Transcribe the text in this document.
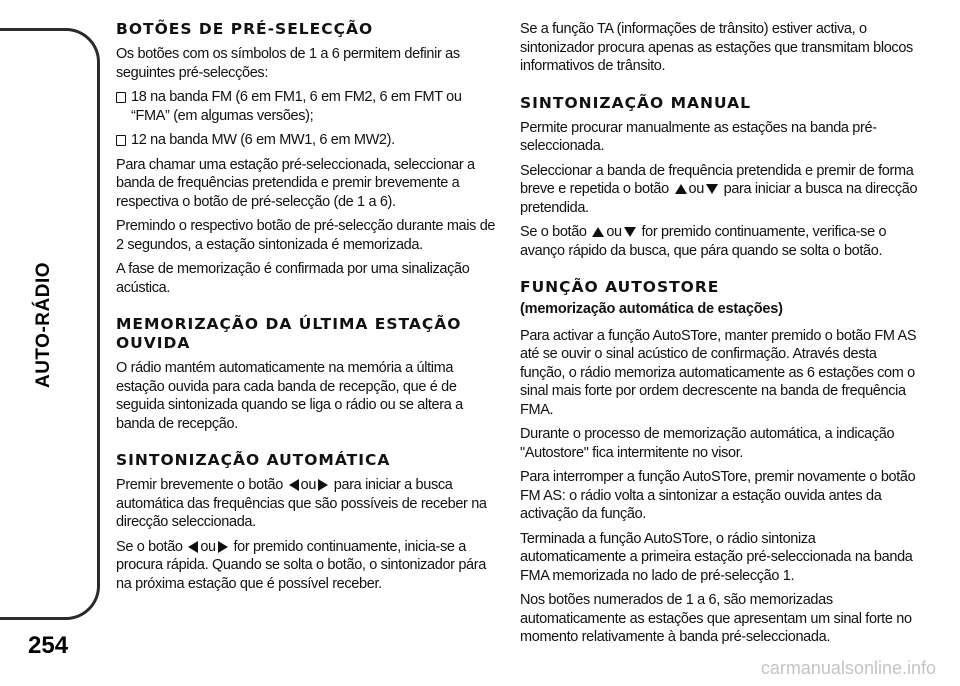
AUTO-RÁDIO
254
BOTÕES DE PRÉ-SELECÇÃO

Os botões com os símbolos de 1 a 6 permitem definir as seguintes pré-selecções:

18 na banda FM (6 em FM1, 6 em FM2, 6 em FMT ou “FMA” (em algumas versões);
12 na banda MW (6 em MW1, 6 em MW2).

Para chamar uma estação pré-seleccionada, seleccionar a banda de frequências pretendida e premir brevemente a respectiva o botão de pré-selecção (de 1 a 6).

Premindo o respectivo botão de pré-selecção durante mais de 2 segundos, a estação sintonizada é memorizada.

A fase de memorização é confirmada por uma sinalização acústica.

MEMORIZAÇÃO DA ÚLTIMA ESTAÇÃO OUVIDA

O rádio mantém automaticamente na memória a última estação ouvida para cada banda de recepção, que é de seguida sintonizada quando se liga o rádio ou se altera a banda de recepção.

SINTONIZAÇÃO AUTOMÁTICA

Premir brevemente o botão ou para iniciar a busca automática das frequências que são possíveis de receber na direcção seleccionada.

Se o botão ou for premido continuamente, inicia-se a procura rápida. Quando se solta o botão, o sintonizador pára na próxima estação que é possível receber.

Se a função TA (informações de trânsito) estiver activa, o sintonizador procura apenas as estações que transmitam blocos informativos de trânsito.

SINTONIZAÇÃO MANUAL

Permite procurar manualmente as estações na banda pré-seleccionada.

Seleccionar a banda de frequência pretendida e premir de forma breve e repetida o botão ou para iniciar a busca na direcção pretendida.

Se o botão ou for premido continuamente, verifica-se o avanço rápido da busca, que pára quando se solta o botão.

FUNÇÃO AUTOSTORE
(memorização automática de estações)

Para activar a função AutoSTore, manter premido o botão FM AS até se ouvir o sinal acústico de confirmação. Através desta função, o rádio memoriza automaticamente as 6 estações com o sinal mais forte por ordem decrescente na banda de frequência FMA.

Durante o processo de memorização automática, a indicação "Autostore" fica intermitente no visor.

Para interromper a função AutoSTore, premir novamente o botão FM AS: o rádio volta a sintonizar a estação ouvida antes da activação da função.

Terminada a função AutoSTore, o rádio sintoniza automaticamente a primeira estação pré-seleccionada na banda FMA memorizada no lado de pré-selecção 1.

Nos botões numerados de 1 a 6, são memorizadas automaticamente as estações que apresentam um sinal forte no momento relativamente à banda pré-seleccionada.

carmanualsonline.info
